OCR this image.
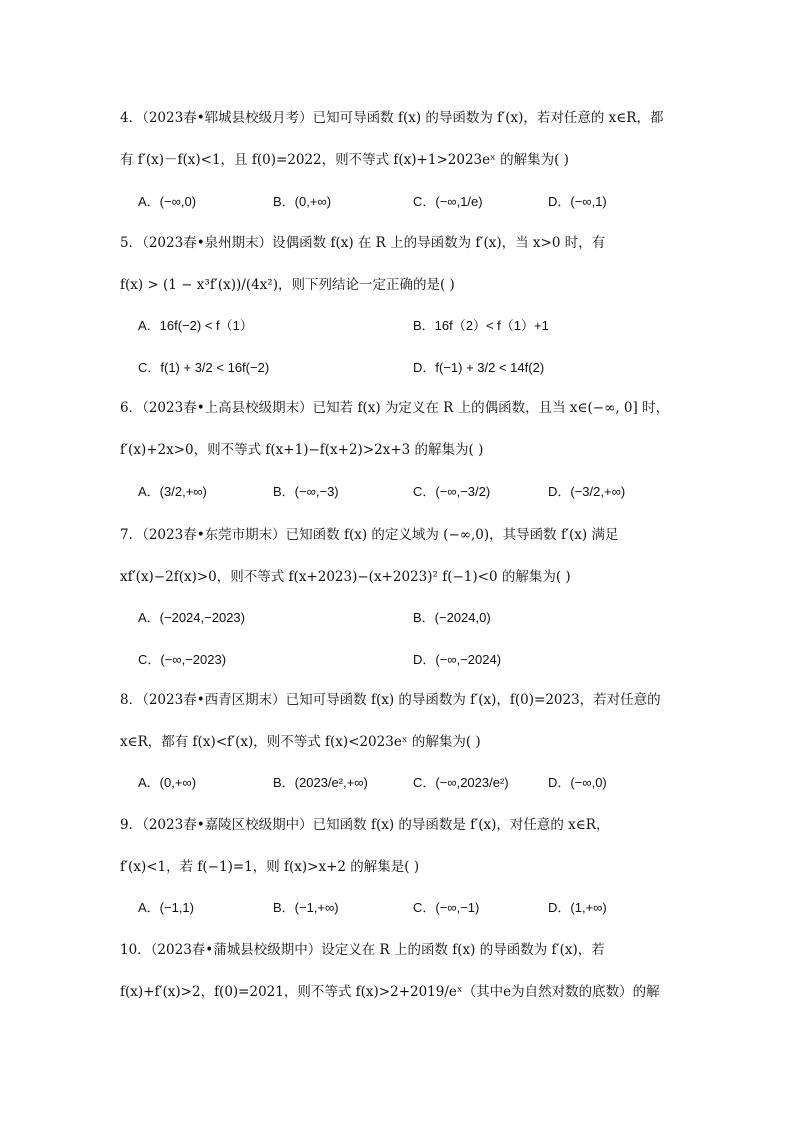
4．（2023春•郓城县校级月考）已知可导函数 f(x) 的导函数为 f′(x)，若对任意的 x∈R，都
有 f′(x)－f(x)<1，且 f(0)=2022，则不等式 f(x)+1>2023eˣ 的解集为( )
A．(−∞,0)	B．(0,+∞)	C．(−∞,1/e)	D．(−∞,1)
5．（2023春•泉州期末）设偶函数 f(x) 在 R 上的导函数为 f′(x)，当 x>0 时，有
f(x) > (1 − x³f′(x))/(4x²)，则下列结论一定正确的是( )
A．16f(−2) < f（1）	B．16f（2）< f（1）+1
C．f(1) + 3/2 < 16f(−2)	D．f(−1) + 3/2 < 14f(2)
6．（2023春•上高县校级期末）已知若 f(x) 为定义在 R 上的偶函数，且当 x∈(−∞, 0] 时，
f′(x)+2x>0，则不等式 f(x+1)−f(x+2)>2x+3 的解集为( )
A．(3/2,+∞)	B．(−∞,−3)	C．(−∞,−3/2)	D．(−3/2,+∞)
7．（2023春•东莞市期末）已知函数 f(x) 的定义域为 (−∞,0)，其导函数 f′(x) 满足
xf′(x)−2f(x)>0，则不等式 f(x+2023)−(x+2023)² f(−1)<0 的解集为( )
A．(−2024,−2023)	B．(−2024,0)
C．(−∞,−2023)	D．(−∞,−2024)
8．（2023春•西青区期末）已知可导函数 f(x) 的导函数为 f′(x)，f(0)=2023，若对任意的
x∈R，都有 f(x)<f′(x)，则不等式 f(x)<2023eˣ 的解集为( )
A．(0,+∞)	B．(2023/e²,+∞)	C．(−∞,2023/e²)	D．(−∞,0)
9．（2023春•嘉陵区校级期中）已知函数 f(x) 的导函数是 f′(x)，对任意的 x∈R，
f′(x)<1，若 f(−1)=1，则 f(x)>x+2 的解集是( )
A．(−1,1)	B．(−1,+∞)	C．(−∞,−1)	D．(1,+∞)
10．（2023春•蒲城县校级期中）设定义在 R 上的函数 f(x) 的导函数为 f′(x)，若
f(x)+f′(x)>2，f(0)=2021，则不等式 f(x)>2+2019/eˣ（其中e为自然对数的底数）的解
